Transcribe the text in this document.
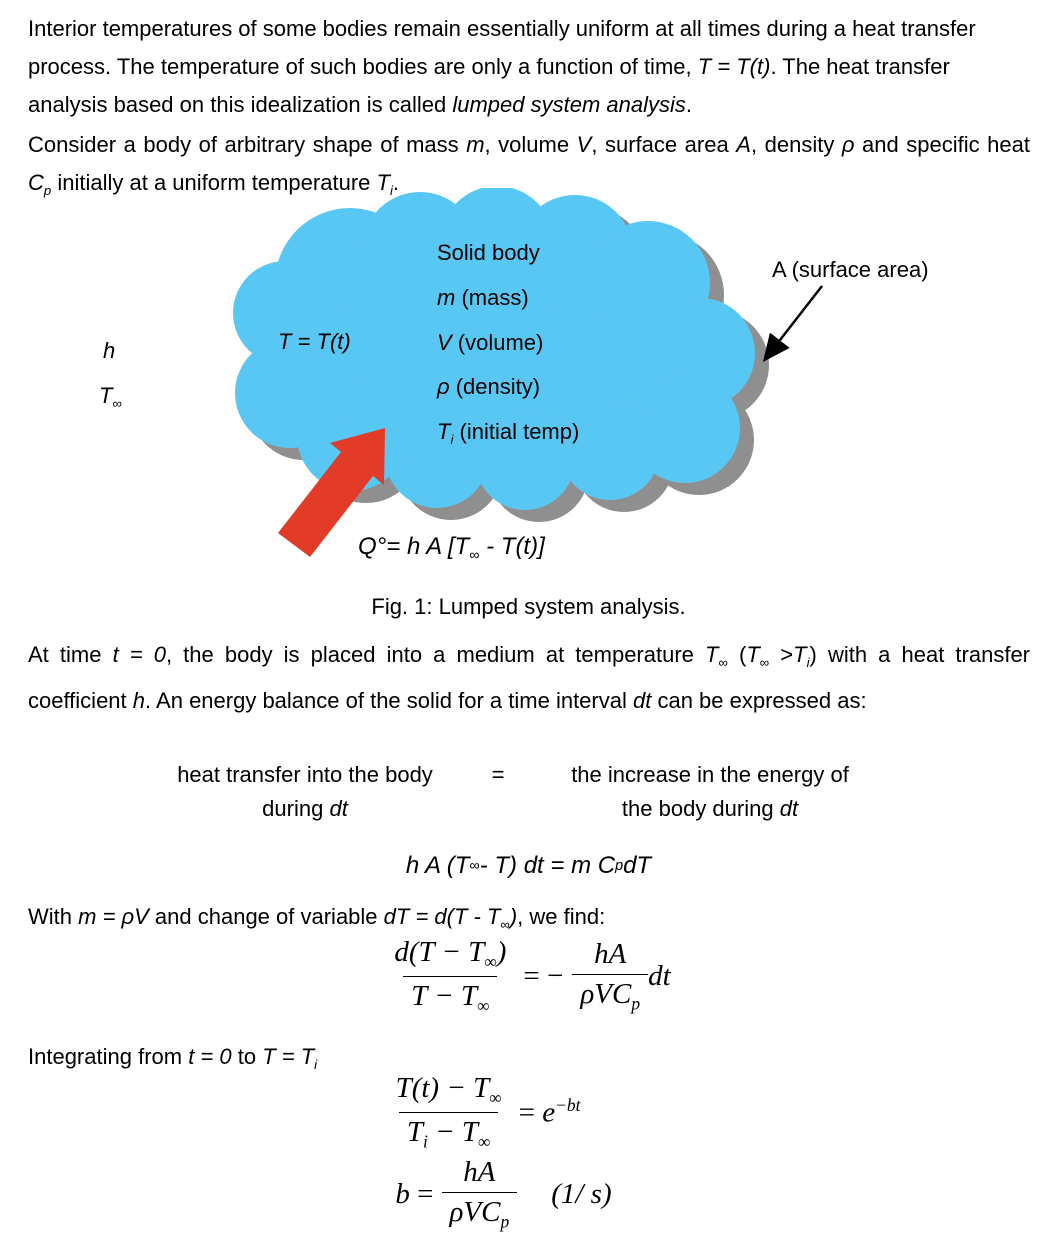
Interior temperatures of some bodies remain essentially uniform at all times during a heat transfer process. The temperature of such bodies are only a function of time, T = T(t). The heat transfer analysis based on this idealization is called lumped system analysis.
Consider a body of arbitrary shape of mass m, volume V, surface area A, density ρ and specific heat $C_p$ initially at a uniform temperature $T_i$.
Solid body
m (mass)
V (volume)
ρ (density)
$T_i$ (initial temp)
T = T(t)
h
$T_\infty$
A (surface area)
Q°= h A $[T_\infty - T(t)]$
Fig. 1: Lumped system analysis.
At time t = 0, the body is placed into a medium at temperature $T_\infty$ $(T_\infty >T_i)$ with a heat transfer coefficient h. An energy balance of the solid for a time interval dt can be expressed as:
heat transfer into the body
during dt
=	the increase in the energy of
the body during dt
h A (T ∞ - T) dt = m C p dT
With m = ρV and change of variable dT = $d(T - T_\infty)$, we find:
$\frac{d(T - T_\infty)}{T - T_\infty}$ = − $\frac{hA}{\rho VC_p}$ dt
Integrating from t = 0 to $T = T_i$
$\frac{T(t) - T_\infty}{T_i - T_\infty} = e^{-bt}$
$b = \frac{hA}{\rho VC_p} (1/$ s)
